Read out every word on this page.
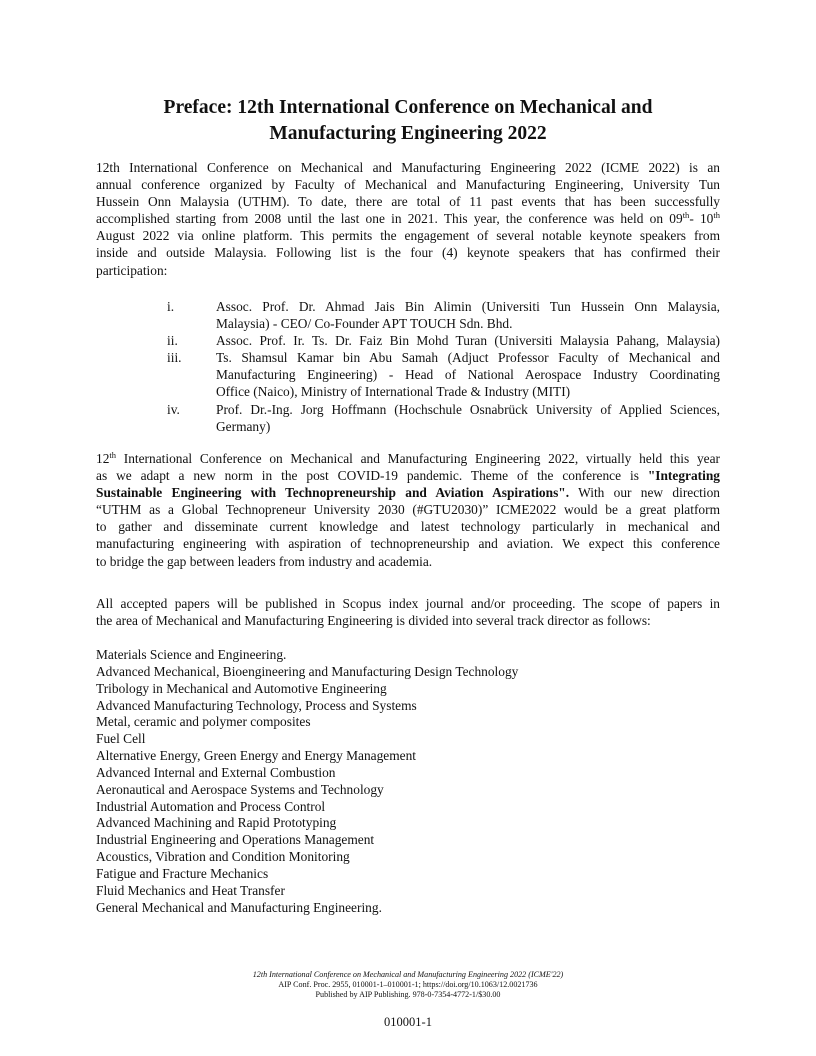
Preface: 12th International Conference on Mechanical and
Manufacturing Engineering 2022
12th International Conference on Mechanical and Manufacturing Engineering 2022 (ICME 2022) is an
annual conference organized by Faculty of Mechanical and Manufacturing Engineering, University Tun
Hussein Onn Malaysia (UTHM). To date, there are total of 11 past events that has been successfully
accomplished starting from 2008 until the last one in 2021. This year, the conference was held on 09th- 10th
August 2022 via online platform. This permits the engagement of several notable keynote speakers from
inside and outside Malaysia. Following list is the four (4) keynote speakers that has confirmed their
participation:
i.	Assoc. Prof. Dr. Ahmad Jais Bin Alimin (Universiti Tun Hussein Onn Malaysia,
Malaysia) - CEO/ Co-Founder APT TOUCH Sdn. Bhd.
ii.	Assoc. Prof. Ir. Ts. Dr. Faiz Bin Mohd Turan (Universiti Malaysia Pahang, Malaysia)
iii.	Ts. Shamsul Kamar bin Abu Samah (Adjuct Professor Faculty of Mechanical and
Manufacturing Engineering) - Head of National Aerospace Industry Coordinating
Office (Naico), Ministry of International Trade & Industry (MITI)
iv.	Prof. Dr.-Ing. Jorg Hoffmann (Hochschule Osnabrück University of Applied Sciences,
Germany)
12th International Conference on Mechanical and Manufacturing Engineering 2022, virtually held this year
as we adapt a new norm in the post COVID-19 pandemic. Theme of the conference is "Integrating
Sustainable Engineering with Technopreneurship and Aviation Aspirations". With our new direction
“UTHM as a Global Technopreneur University 2030 (#GTU2030)” ICME2022 would be a great platform
to gather and disseminate current knowledge and latest technology particularly in mechanical and
manufacturing engineering with aspiration of technopreneurship and aviation. We expect this conference
to bridge the gap between leaders from industry and academia.
All accepted papers will be published in Scopus index journal and/or proceeding. The scope of papers in
the area of Mechanical and Manufacturing Engineering is divided into several track director as follows:
Materials Science and Engineering.
Advanced Mechanical, Bioengineering and Manufacturing Design Technology
Tribology in Mechanical and Automotive Engineering
Advanced Manufacturing Technology, Process and Systems
Metal, ceramic and polymer composites
Fuel Cell
Alternative Energy, Green Energy and Energy Management
Advanced Internal and External Combustion
Aeronautical and Aerospace Systems and Technology
Industrial Automation and Process Control
Advanced Machining and Rapid Prototyping
Industrial Engineering and Operations Management
Acoustics, Vibration and Condition Monitoring
Fatigue and Fracture Mechanics
Fluid Mechanics and Heat Transfer
General Mechanical and Manufacturing Engineering.
12th International Conference on Mechanical and Manufacturing Engineering 2022 (ICME'22)
AIP Conf. Proc. 2955, 010001-1–010001-1; https://doi.org/10.1063/12.0021736
Published by AIP Publishing. 978-0-7354-4772-1/$30.00
010001-1
